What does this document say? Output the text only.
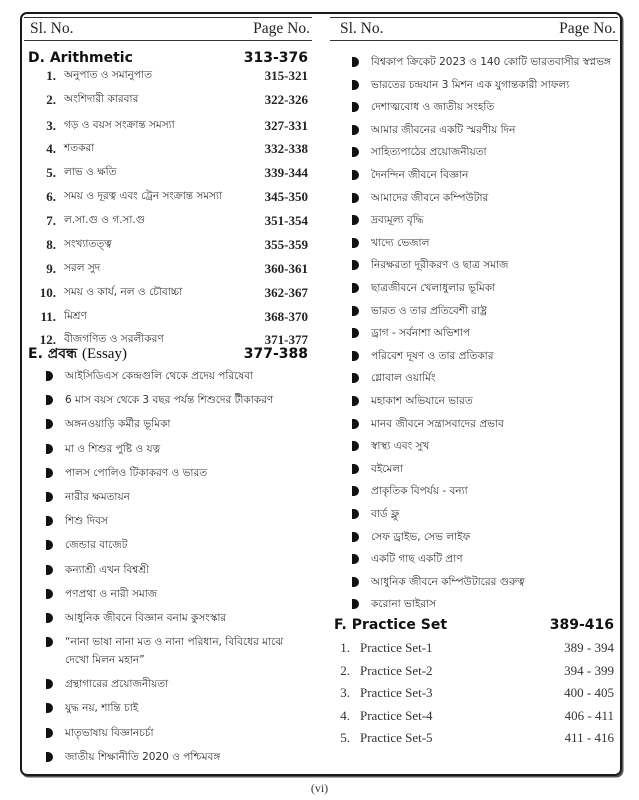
Sl. No.	Page No.
D. Arithmetic	313-376
1. অনুপাত ও সমানুপাত	315-321
2. অংশিদারী কারবার	322-326
3. গড় ও বয়স সংক্রান্ত সমস্যা	327-331
4. শতকরা	332-338
5. লাভ ও ক্ষতি	339-344
6. সময় ও দূরত্ব এবং ট্রেন সংক্রান্ত সমস্যা	345-350
7. ল.সা.গু ও গ.সা.গু	351-354
8. সংখ্যাতত্ত্ব	355-359
9. সরল সুদ	360-361
10. সময় ও কার্য, নল ও চৌবাচ্চা	362-367
11. মিশ্রণ	368-370
12. বীজগণিত ও সরলীকরণ	371-377
E. প্রবন্ধ (Essay)	377-388
আইসিডিএস কেন্দ্রগুলি থেকে প্রদেয় পরিষেবা
6 মাস বয়স থেকে 3 বছর পর্যন্ত শিশুদের টীকাকরণ
অঙ্গনওয়াড়ি কর্মীর ভূমিকা
মা ও শিশুর পুষ্টি ও যত্ন
পালস পোলিও টিকাকরণ ও ভারত
নারীর ক্ষমতায়ন
শিশু দিবস
জেন্ডার বাজেট
কন্যাশ্রী এখন বিশ্বশ্রী
পণপ্রথা ও নারী সমাজ
আধুনিক জীবনে বিজ্ঞান বনাম কুসংস্কার
“নানা ভাষা নানা মত ও নানা পরিধান, বিবিধের মাঝে দেখো মিলন মহান”
গ্রন্থাগারের প্রয়োজনীয়তা
যুদ্ধ নয়, শান্তি চাই
মাতৃভাষায় বিজ্ঞানচর্চা
জাতীয় শিক্ষানীতি 2020 ও পশ্চিমবঙ্গ
Sl. No.	Page No.
বিশ্বকাপ ক্রিকেট 2023 ও 140 কোটি ভারতবাসীর স্বপ্নভঙ্গ
ভারতের চন্দ্রযান 3 মিশন এক যুগান্তকারী সাফল্য
দেশাত্মবোধ ও জাতীয় সংহতি
আমার জীবনের একটি স্মরণীয় দিন
সাহিত্যপাঠের প্রয়োজনীয়তা
দৈনন্দিন জীবনে বিজ্ঞান
আমাদের জীবনে কম্পিউটার
দ্রব্যমূল্য বৃদ্ধি
খাদ্যে ভেজাল
নিরক্ষরতা দূরীকরণ ও ছাত্র সমাজ
ছাত্রজীবনে খেলাধুলার ভূমিকা
ভারত ও তার প্রতিবেশী রাষ্ট্র
ড্রাগ - সর্বনাশা অভিশাপ
পরিবেশ দূষণ ও তার প্রতিকার
গ্লোবাল ওয়ার্মিং
মহাকাশ অভিযানে ভারত
মানব জীবনে সন্ত্রাসবাদের প্রভাব
স্বাস্থ্য এবং সুখ
বইমেলা
প্রাকৃতিক বিপর্যয় - বন্যা
বার্ড ফ্লু
সেফ ড্রাইভ, সেভ লাইফ
একটি গাছ একটি প্রাণ
আধুনিক জীবনে কম্পিউটারের গুরুত্ব
করোনা ভাইরাস
F. Practice Set	389-416
1. Practice Set-1	389 - 394
2. Practice Set-2	394 - 399
3. Practice Set-3	400 - 405
4. Practice Set-4	406 - 411
5. Practice Set-5	411 - 416
(vi)
